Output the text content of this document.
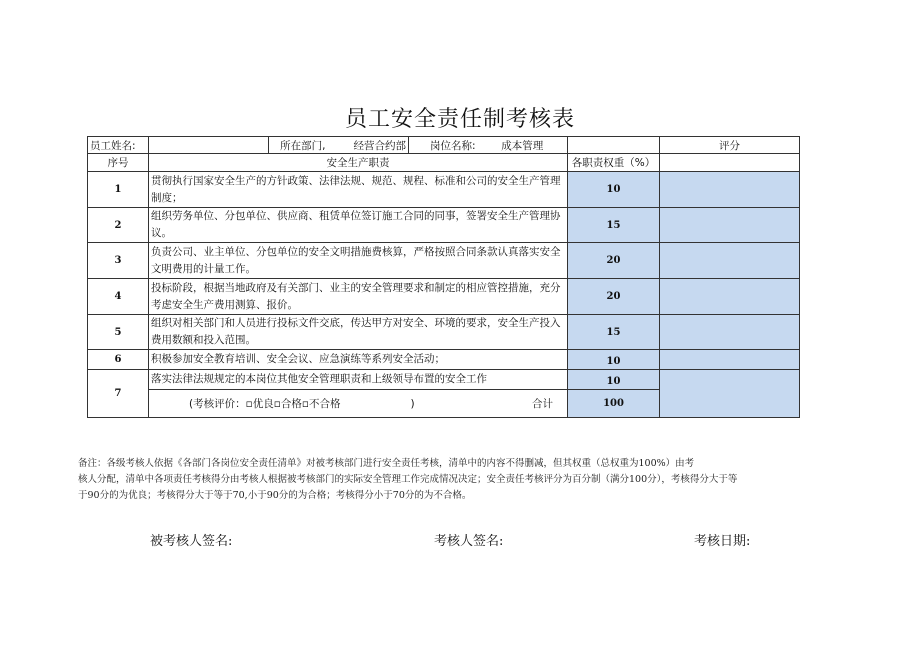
员工安全责任制考核表
员工姓名:		所在部门,	经营合约部	岗位名称:	成本管理		评分
序号	安全生产职责					各职责权重（%）	
1	贯彻执行国家安全生产的方针政策、法律法规、规范、规程、标准和公司的安全生产管理制度；					10	
2	组织劳务单位、分包单位、供应商、租赁单位签订施工合同的同事，签署安全生产管理协议。					15	
3	负责公司、业主单位、分包单位的安全文明措施费核算，严格按照合同条款认真落实安全文明费用的计量工作。					20	
4	投标阶段，根据当地政府及有关部门、业主的安全管理要求和制定的相应管控措施，充分考虑安全生产费用测算、报价。					20	
5	组织对相关部门和人员进行投标文件交底，传达甲方对安全、环境的要求，安全生产投入费用数额和投入范围。					15	
6	积极参加安全教育培训、安全会议、应急演练等系列安全活动；					10	
7	落实法律法规规定的本岗位其他安全管理职责和上级领导布置的安全工作					10	
	(考核评价：▫优良▫合格▫不合格			)	合计	100	
备注：各级考核人依据《各部门各岗位安全责任清单》对被考核部门进行安全责任考核，清单中的内容不得删减，但其权重（总权重为100%）由考
核人分配，清单中各项责任考核得分由考核人根据被考核部门的实际安全管理工作完成情况决定；安全责任考核评分为百分制（满分100分），考核得分大于等
于90分的为优良；考核得分大于等于70,小于90分的为合格；考核得分小于70分的为不合格。
被考核人签名:	考核人签名:	考核日期:
